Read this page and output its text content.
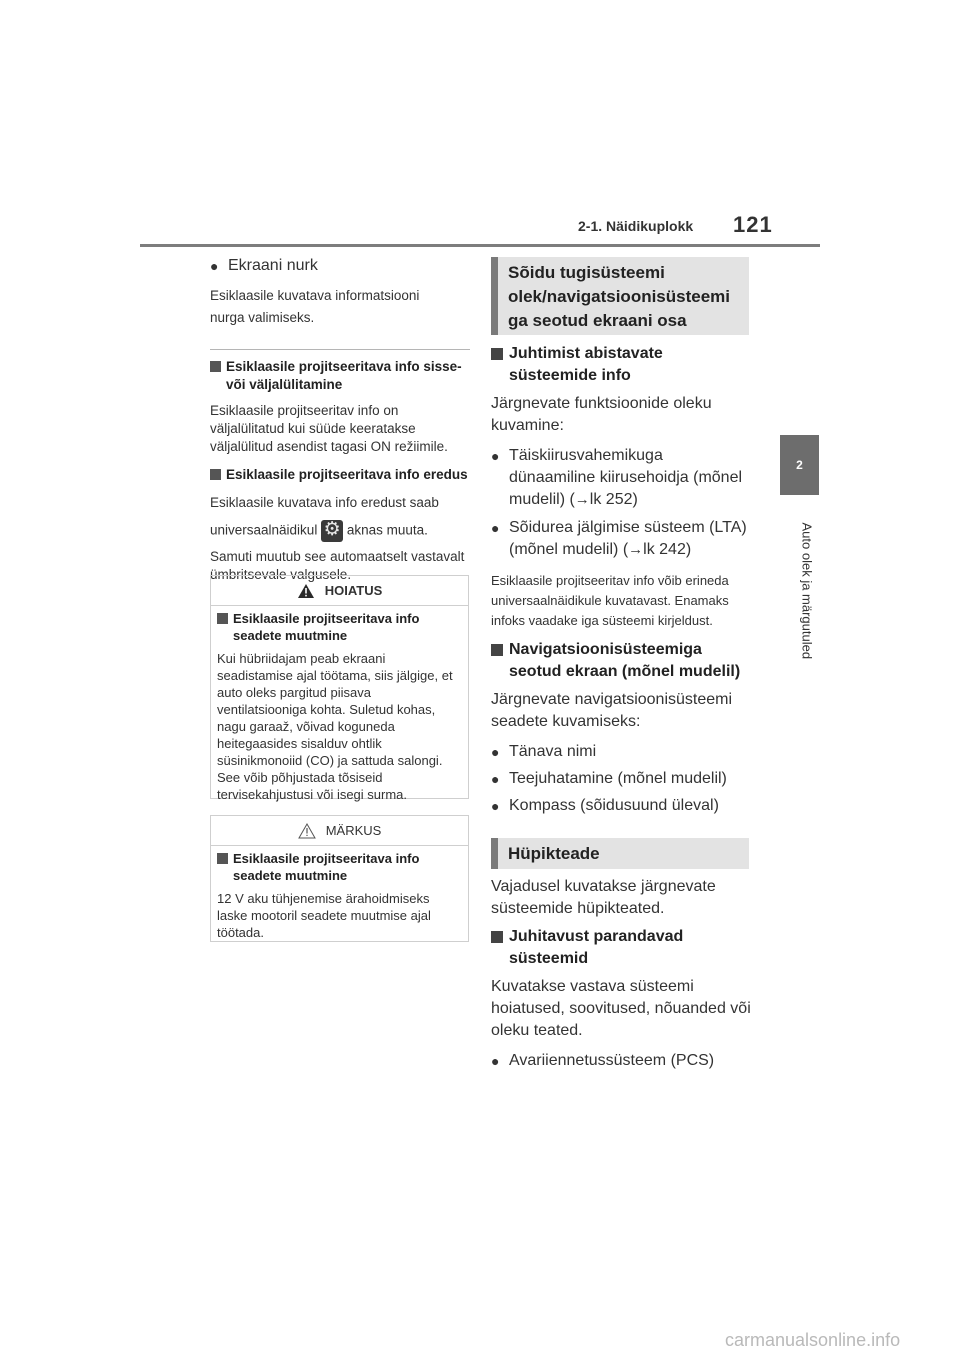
2-1. Näidikuplokk 121
2
Auto olek ja märgutuled
● Ekraani nurk

Esiklaasile kuvatava informatsiooni nurga valimiseks.

Esiklaasile projitseeritava info sisse- või väljalülitamine

Esiklaasile projitseeritav info on väljalülitatud kui süüde keeratakse väljalülitud asendist tagasi ON režiimile.

Esiklaasile projitseeritava info eredus

Esiklaasile kuvatava info eredust saab

universaalnäidikul ⚙ aknas muuta.

Samuti muutub see automaatselt vastavalt ümbritsevale valgusele.

HOIATUS
Esiklaasile projitseeritava info seadete muutmine

Kui hübriidajam peab ekraani seadistamise ajal töötama, siis jälgige, et auto oleks pargitud piisava ventilatsiooniga kohta. Suletud kohas, nagu garaaž, võivad koguneda heitegaasides sisalduv ohtlik süsinikmonoiid (CO) ja sattuda salongi. See võib põhjustada tõsiseid tervisekahjustusi või isegi surma.

MÄRKUS
Esiklaasile projitseeritava info seadete muutmine

12 V aku tühjenemise ärahoidmiseks laske mootoril seadete muutmise ajal töötada.

Sõidu tugisüsteemi olek/navigatsioonisüsteemi ga seotud ekraani osa
Juhtimist abistavate süsteemide info

Järgnevate funktsioonide oleku kuvamine:

● Täiskiirusvahemikuga dünaamiline kiirusehoidja (mõnel mudelil) (→lk 252)
● Sõidurea jälgimise süsteem (LTA) (mõnel mudelil) (→lk 242)

Esiklaasile projitseeritav info võib erineda universaalnäidikule kuvatavast. Enamaks infoks vaadake iga süsteemi kirjeldust.

Navigatsioonisüsteemiga seotud ekraan (mõnel mudelil)

Järgnevate navigatsioonisüsteemi seadete kuvamiseks:

● Tänava nimi
● Teejuhatamine (mõnel mudelil)
● Kompass (sõidusuund üleval)
Hüpikteade

Vajadusel kuvatakse järgnevate süsteemide hüpikteated.

Juhitavust parandavad süsteemid

Kuvatakse vastava süsteemi hoiatused, soovitused, nõuanded või oleku teated.

● Avariiennetussüsteem (PCS)
carmanualsonline.info
